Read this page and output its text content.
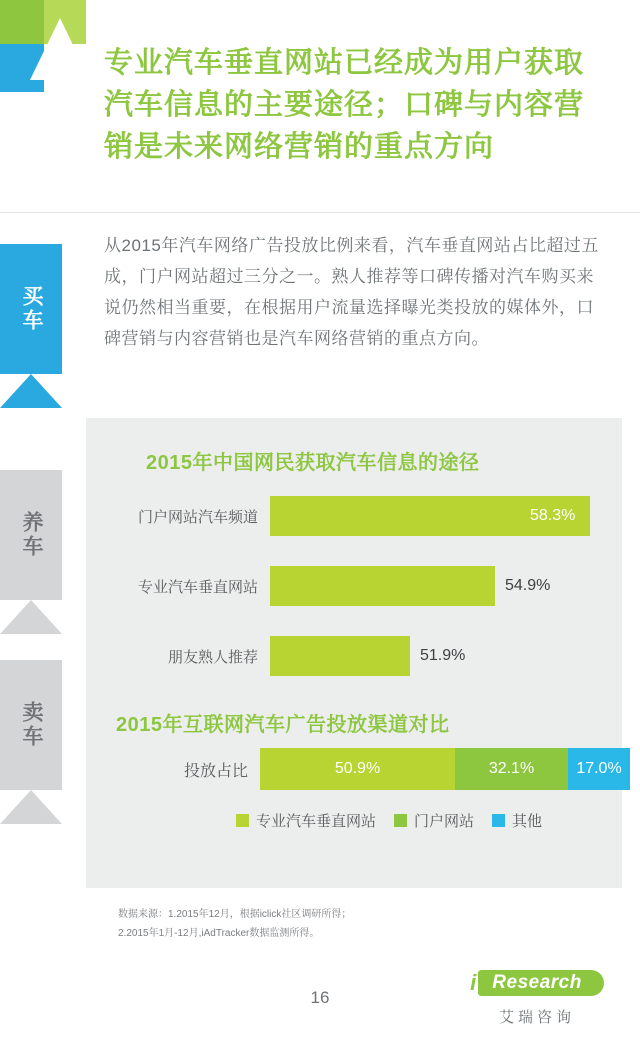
买车
养车
卖车
专业汽车垂直网站已经成为用户获取汽车信息的主要途径；口碑与内容营销是未来网络营销的重点方向
从2015年汽车网络广告投放比例来看，汽车垂直网站占比超过五成，门户网站超过三分之一。熟人推荐等口碑传播对汽车购买来说仍然相当重要，在根据用户流量选择曝光类投放的媒体外，口碑营销与内容营销也是汽车网络营销的重点方向。
2015年中国网民获取汽车信息的途径
门户网站汽车频道	58.3%
专业汽车垂直网站	54.9%
朋友熟人推荐	51.9%
2015年互联网汽车广告投放渠道对比
投放占比	50.9%	32.1%	17.0%
专业汽车垂直网站	门户网站	其他
数据来源：1.2015年12月，根据iclick社区调研所得；
2.2015年1月-12月,iAdTracker数据监测所得。
16
i Research
艾瑞咨询
